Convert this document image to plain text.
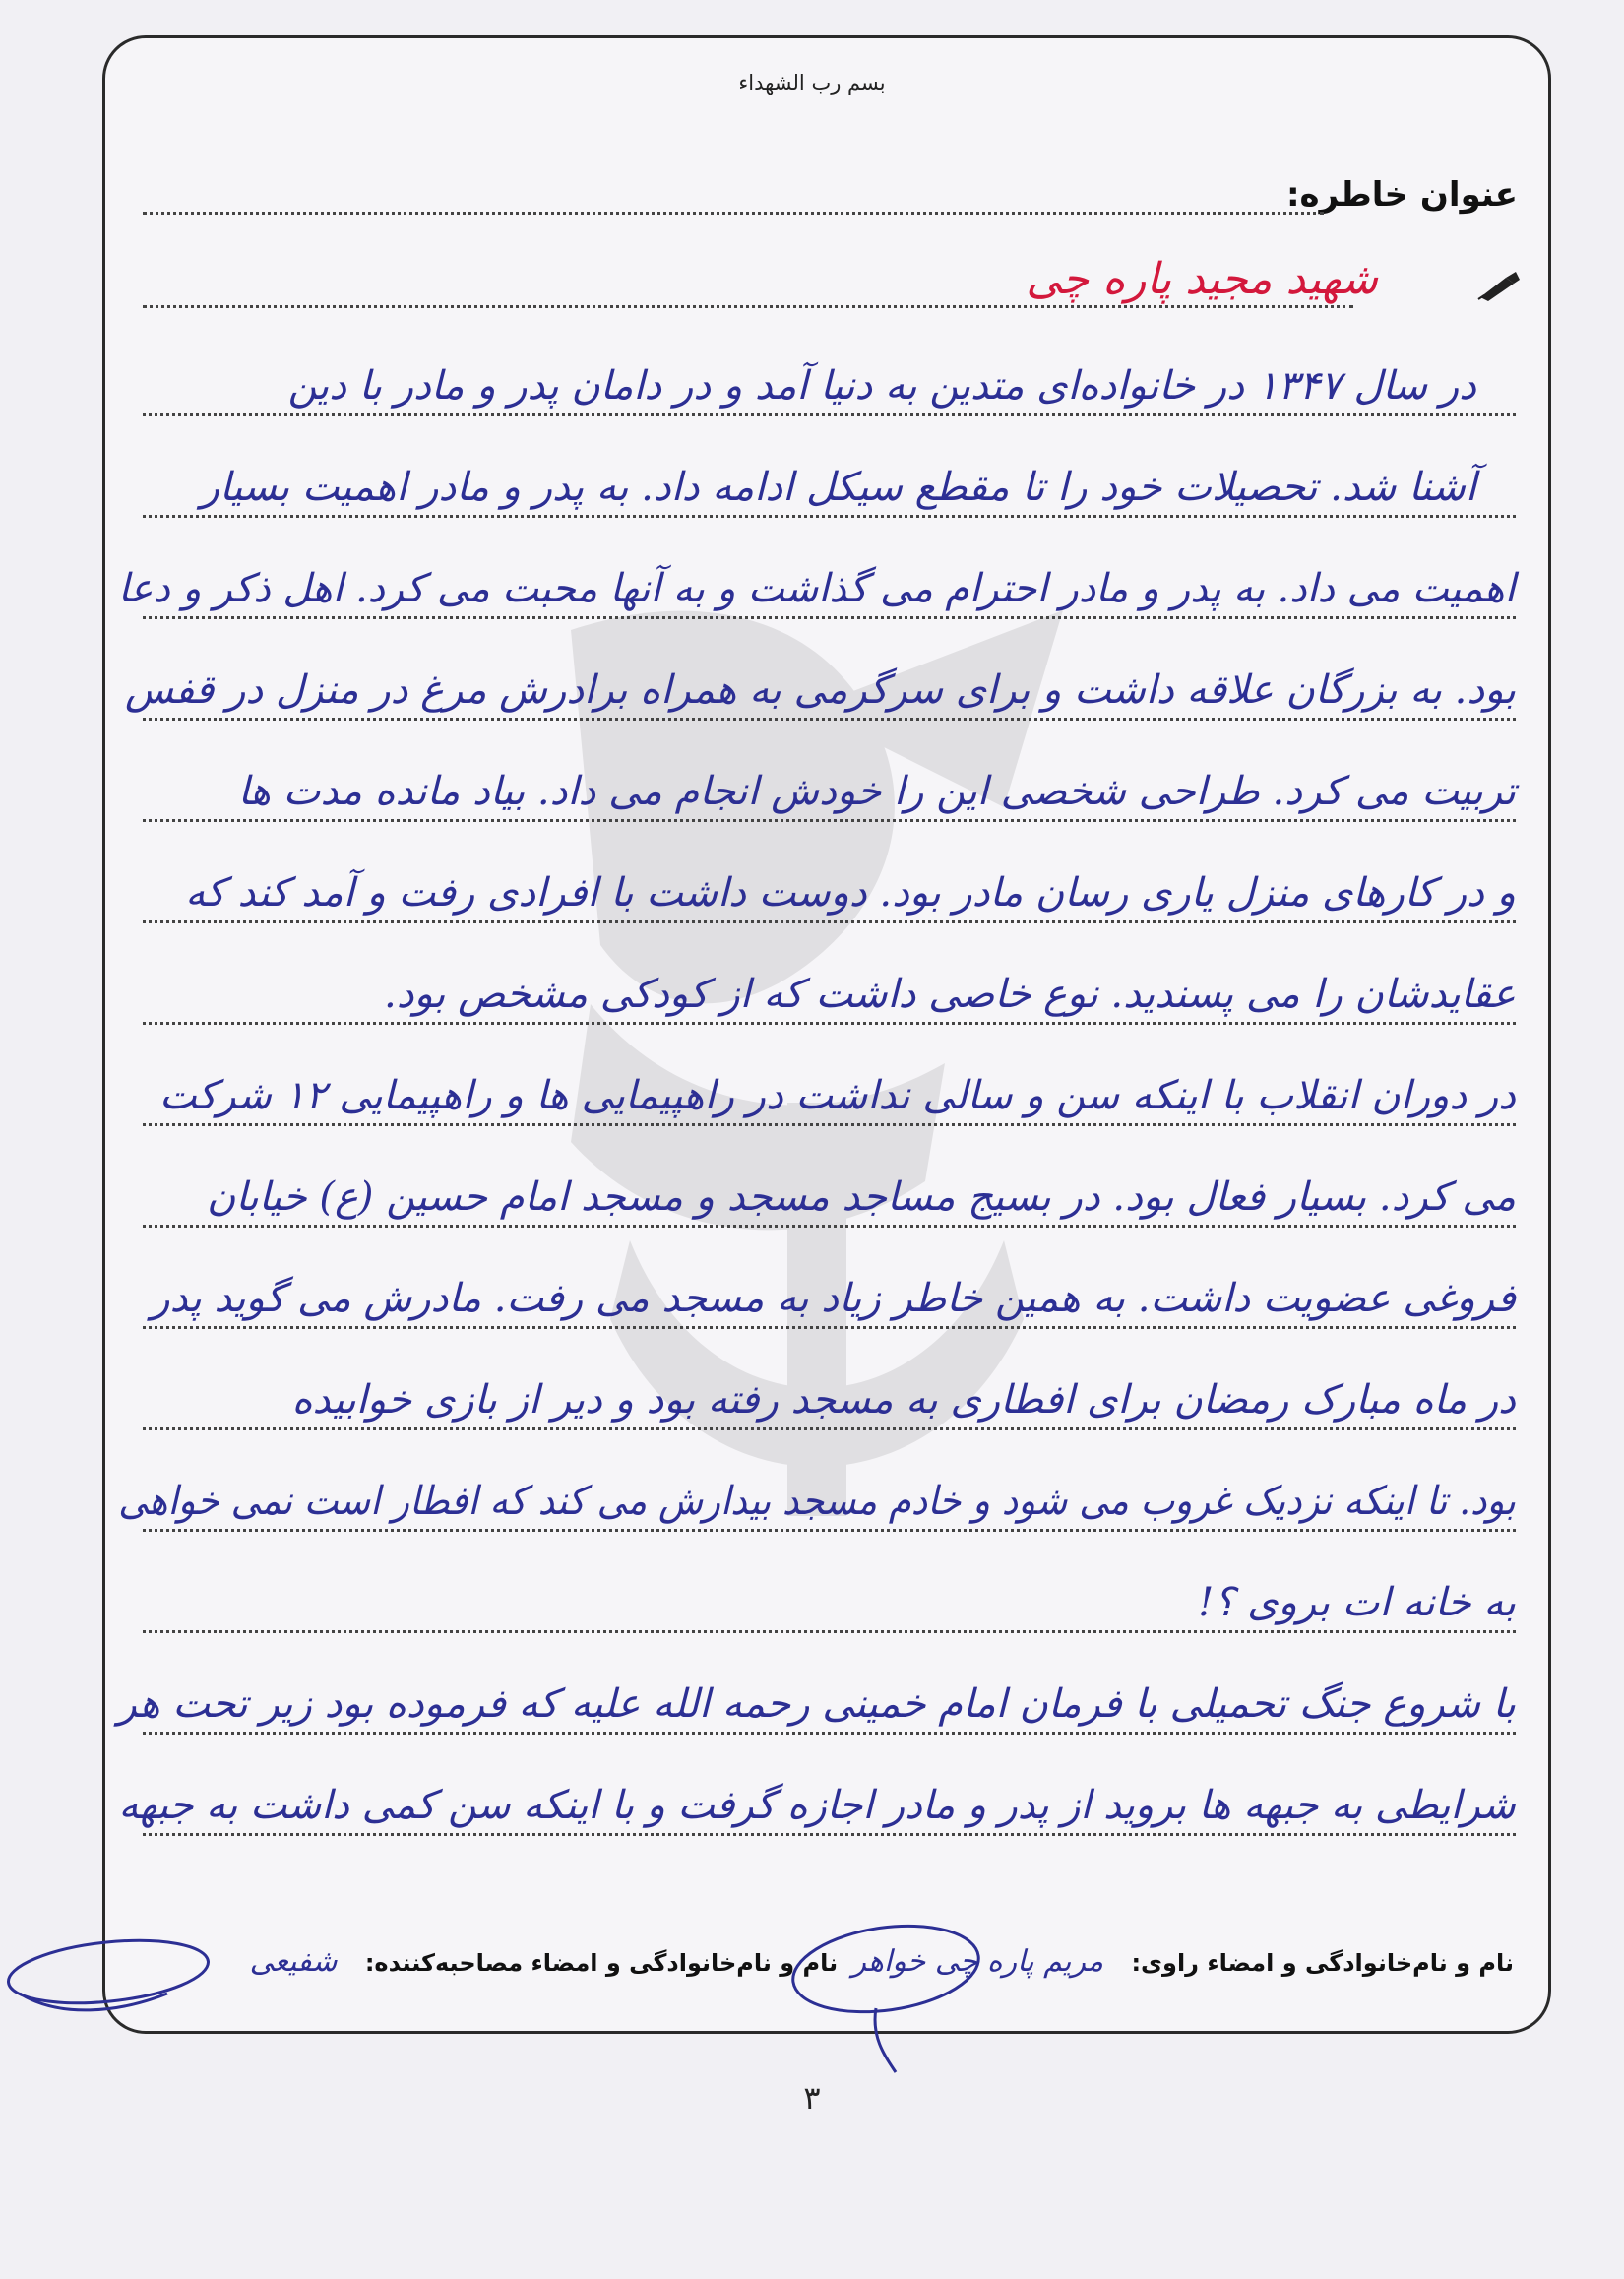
بسم رب الشهداء
عنوان خاطره:
شهید مجید پاره چی
در سال ۱۳۴۷ در خانواده‌ای متدین به دنیا آمد و در دامان پدر و مادر با دین
آشنا شد. تحصیلات خود را تا مقطع سیکل ادامه داد. به پدر و مادر اهمیت بسیار
اهمیت می داد. به پدر و مادر احترام می گذاشت و به آنها محبت می کرد. اهل ذکر و دعا
بود. به بزرگان علاقه داشت و برای سرگرمی به همراه برادرش مرغ در منزل در قفس
تربیت می کرد. طراحی شخصی این را خودش انجام می داد. بیاد مانده مدت ها
و در کارهای منزل یاری رسان مادر بود. دوست داشت با افرادی رفت و آمد کند که
عقایدشان را می پسندید. نوع خاصی داشت که از کودکی مشخص بود.
در دوران انقلاب با اینکه سن و سالی نداشت در راهپیمایی ها و راهپیمایی ۱۲ شرکت
می کرد. بسیار فعال بود. در بسیج مساجد مسجد و مسجد امام حسین (ع) خیابان
فروغی عضویت داشت. به همین خاطر زیاد به مسجد می رفت. مادرش می گوید پدر
در ماه مبارک رمضان برای افطاری به مسجد رفته بود و دیر از بازی خوابیده
بود. تا اینکه نزدیک غروب می شود و خادم مسجد بیدارش می کند که افطار است نمی خواهی
به خانه ات بروی ؟!
با شروع جنگ تحمیلی با فرمان امام خمینی رحمه الله علیه که فرموده بود زیر تحت هر
شرایطی به جبهه ها بروید از پدر و مادر اجازه گرفت و با اینکه سن کمی داشت به جبهه
نام و نام‌خانوادگی و امضاء راوی: مریم پاره چی خواهر نام و نام‌خانوادگی و امضاء مصاحبه‌کننده: شفیعی
۳
